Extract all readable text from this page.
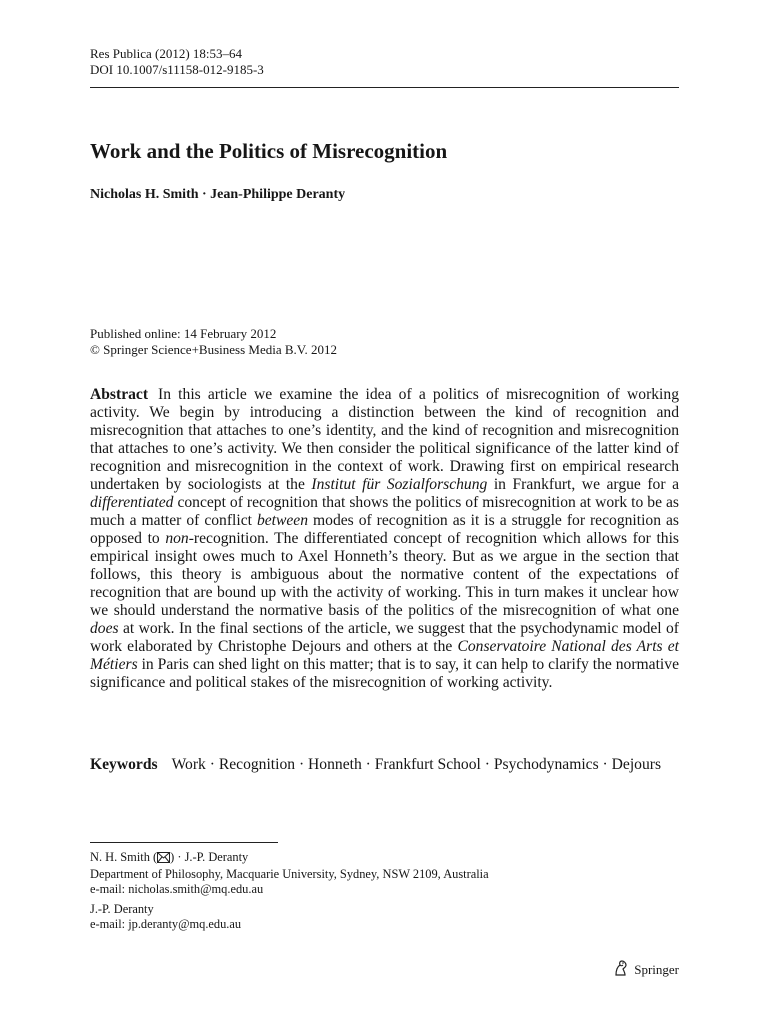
Res Publica (2012) 18:53–64
DOI 10.1007/s11158-012-9185-3
Work and the Politics of Misrecognition
Nicholas H. Smith · Jean-Philippe Deranty
Published online: 14 February 2012
© Springer Science+Business Media B.V. 2012

Abstract In this article we examine the idea of a politics of misrecognition of working activity. We begin by introducing a distinction between the kind of recognition and misrecognition that attaches to one’s identity, and the kind of recognition and misrecognition that attaches to one’s activity. We then consider the political significance of the latter kind of recognition and misrecognition in the context of work. Drawing first on empirical research undertaken by sociologists at the Institut für Sozialforschung in Frankfurt, we argue for a differentiated concept of recognition that shows the politics of misrecognition at work to be as much a matter of conflict between modes of recognition as it is a struggle for recognition as opposed to non-recognition. The differentiated concept of recognition which allows for this empirical insight owes much to Axel Honneth’s theory. But as we argue in the section that follows, this theory is ambiguous about the normative content of the expectations of recognition that are bound up with the activity of working. This in turn makes it unclear how we should understand the normative basis of the politics of the misrecognition of what one does at work. In the final sections of the article, we suggest that the psychodynamic model of work elaborated by Christophe Dejours and others at the Conservatoire National des Arts et Métiers in Paris can shed light on this matter; that is to say, it can help to clarify the normative significance and political stakes of the misrecognition of working activity.

Keywords Work · Recognition · Honneth · Frankfurt School · Psychodynamics · Dejours

N. H. Smith ( ) · J.-P. Deranty
Department of Philosophy, Macquarie University, Sydney, NSW 2109, Australia
e-mail: nicholas.smith@mq.edu.au
J.-P. Deranty
e-mail: jp.deranty@mq.edu.au
Springer
